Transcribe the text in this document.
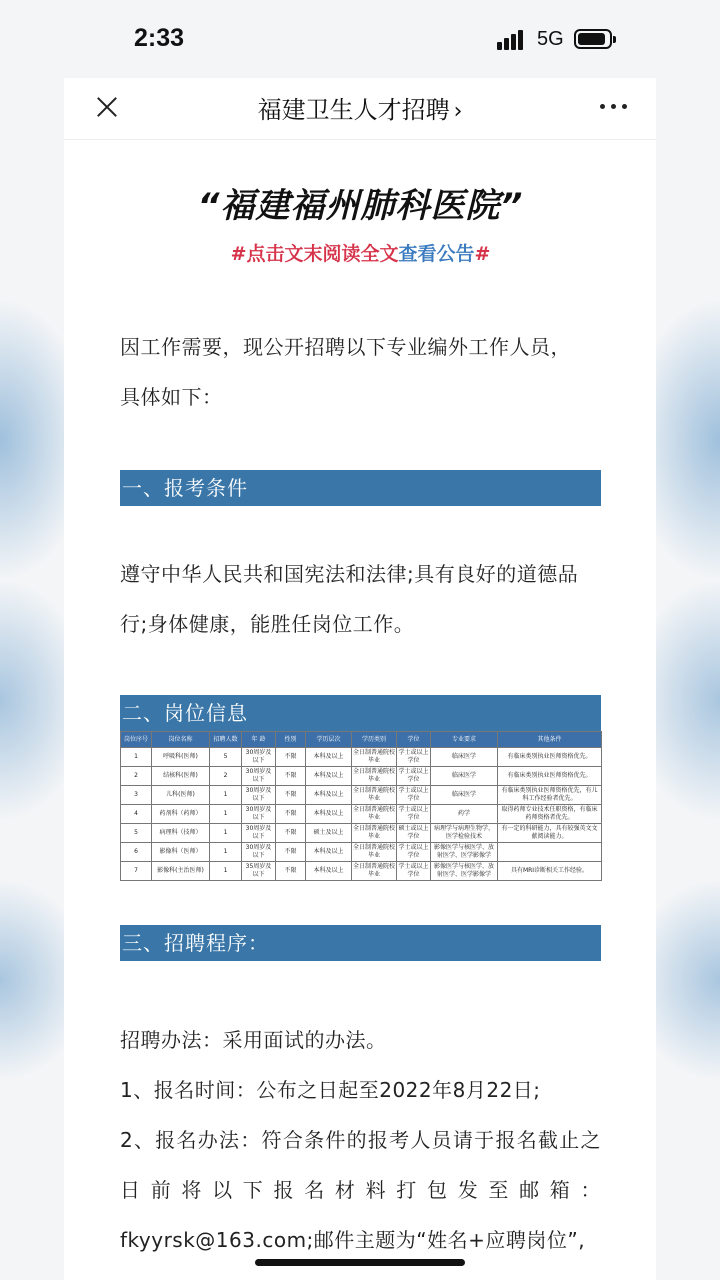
2:33	5G
福建卫生人才招聘 ›
“福建福州肺科医院”
#点击文末阅读全文查看公告#
因工作需要，现公开招聘以下专业编外工作人员，
具体如下：
一、报考条件
遵守中华人民共和国宪法和法律;具有良好的道德品
行;身体健康，能胜任岗位工作。
二、岗位信息
岗位序号	岗位名称	招聘人数	年 龄	性别	学历层次	学历类别	学位	专业要求	其他条件
1	呼吸科(医师)	5	30周岁及以下	不限	本科及以上	全日制普通院校毕业	学士或以上学位	临床医学	有临床类别执业医师资格优先。
2	结核科(医师)	2	30周岁及以下	不限	本科及以上	全日制普通院校毕业	学士或以上学位	临床医学	有临床类别执业医师资格优先。
3	儿科(医师)	1	30周岁及以下	不限	本科及以上	全日制普通院校毕业	学士或以上学位	临床医学	有临床类别执业医师资格优先，有儿科工作经验者优先。
4	药剂科（药师）	1	30周岁及以下	不限	本科及以上	全日制普通院校毕业	学士或以上学位	药学	取得药师专业技术任职资格，有临床药师资格者优先。
5	病理科（技师）	1	30周岁及以下	不限	硕士及以上	全日制普通院校毕业	硕士或以上学位	病理学与病理生物学、医学检验技术	有一定的科研能力，具有较强英文文献阅读能力。
6	影像科（医师）	1	30周岁及以下	不限	本科及以上	全日制普通院校毕业	学士或以上学位	影像医学与核医学、放射医学、医学影像学	
7	影像科(主治医师)	1	35周岁及以下	不限	本科及以上	全日制普通院校毕业	学士或以上学位	影像医学与核医学、放射医学、医学影像学	具有MRI诊断相关工作经验。
三、招聘程序：
招聘办法：采用面试的办法。
1、报名时间：公布之日起至2022年8月22日;
2、报名办法：符合条件的报考人员请于报名截止之
日前将以下报名材料打包发至邮箱：
fkyyrsk@163.com;邮件主题为“姓名+应聘岗位”,
